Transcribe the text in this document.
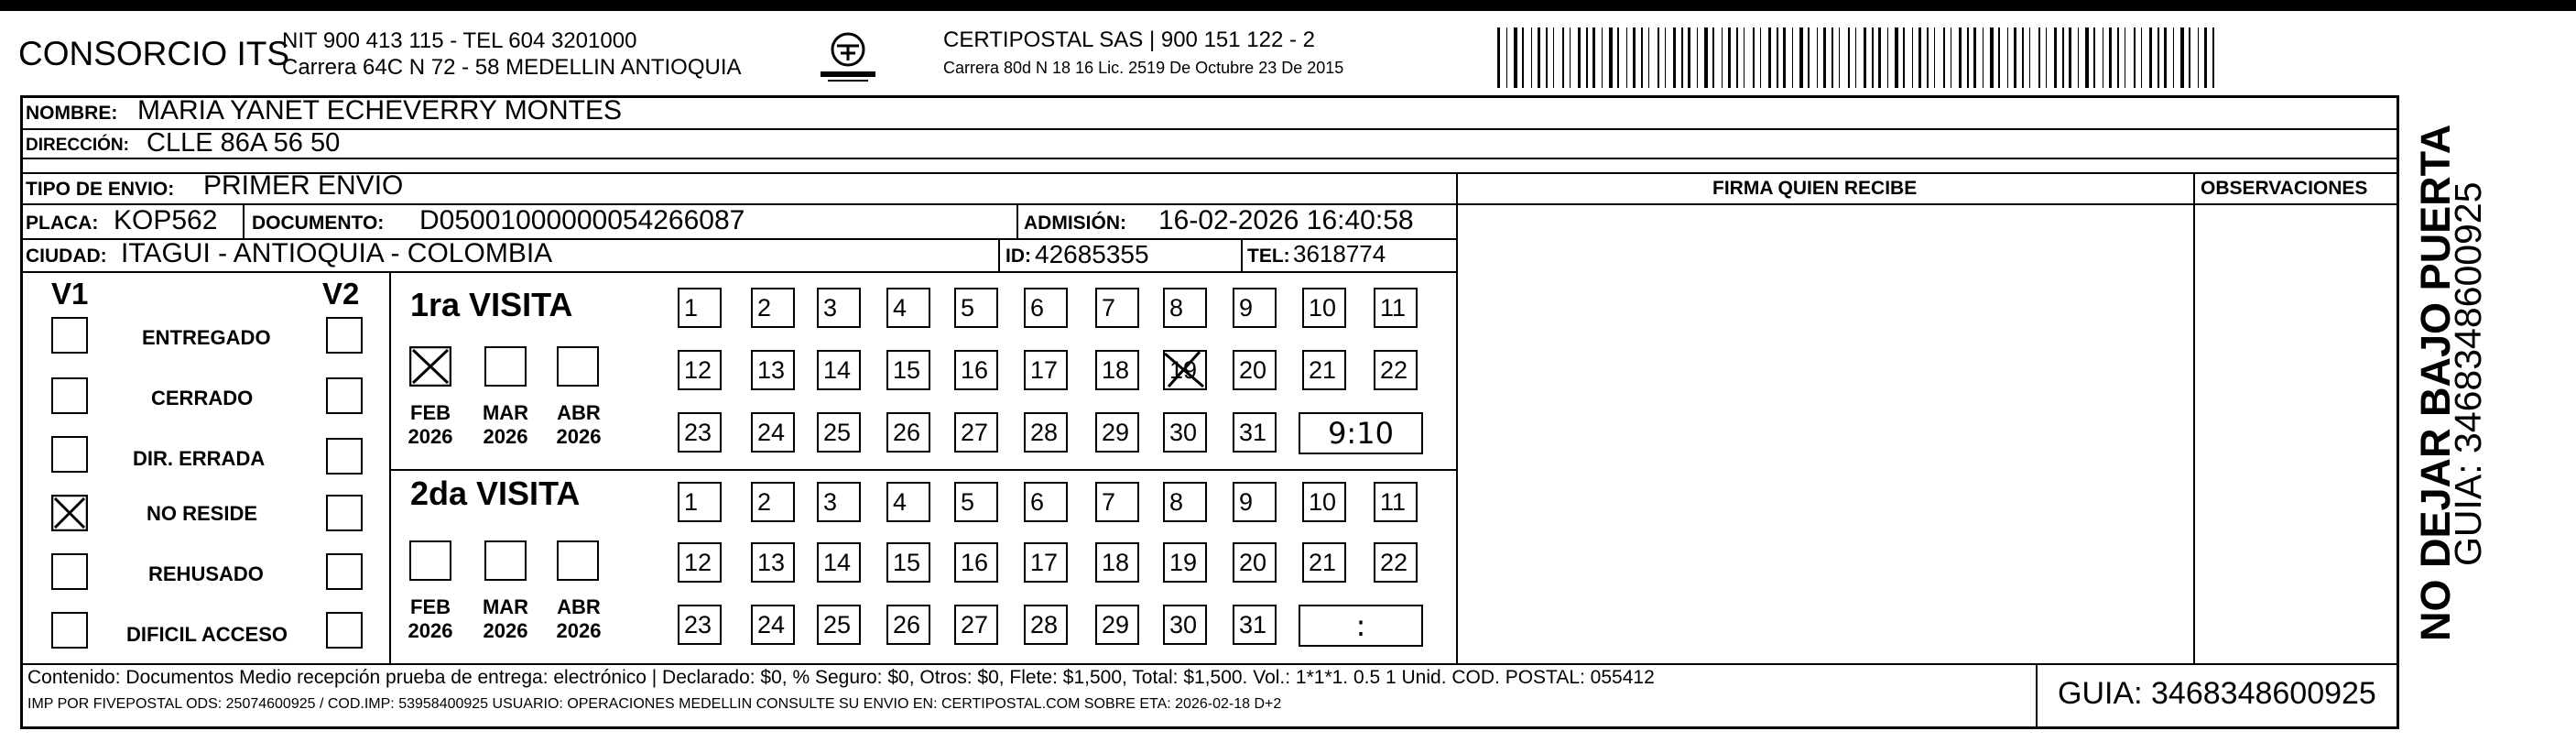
CONSORCIO ITS
NIT 900 413 115 - TEL 604 3201000
Carrera 64C N 72 - 58 MEDELLIN ANTIOQUIA
CERTIPOSTAL SAS | 900 151 122 - 2
Carrera 80d N 18 16 Lic. 2519 De Octubre 23 De 2015
NOMBRE: MARIA YANET ECHEVERRY MONTES
DIRECCIÓN: CLLE 86A 56 50
TIPO DE ENVIO: PRIMER ENVIO
PLACA: KOP562 DOCUMENTO: D05001000000054266087	ADMISIÓN: 16-02-2026 16:40:58
CIUDAD: ITAGUI - ANTIOQUIA - COLOMBIA	ID: 42685355	TEL: 3618774
FIRMA QUIEN RECIBE	OBSERVACIONES
V1	V2
ENTREGADO
CERRADO
DIR. ERRADA
NO RESIDE
REHUSADO
DIFICIL ACCESO
1ra VISITA
FEB
2026
MAR
2026
ABR
2026
1	2	3	4	5	6	7	8	9	10	11
12	13	14	15	16	17	18	19	20	21	22
23	24	25	26	27	28	29	30	31	9:10
2da VISITA
FEB
2026
MAR
2026
ABR
2026
1	2	3	4	5	6	7	8	9	10	11
12	13	14	15	16	17	18	19	20	21	22
23	24	25	26	27	28	29	30	31	:
Contenido: Documentos Medio recepción prueba de entrega: electrónico | Declarado: $0, % Seguro: $0, Otros: $0, Flete: $1,500, Total: $1,500. Vol.: 1*1*1. 0.5 1 Unid. COD. POSTAL: 055412
IMP POR FIVEPOSTAL ODS: 25074600925 / COD.IMP: 53958400925 USUARIO: OPERACIONES MEDELLIN CONSULTE SU ENVIO EN: CERTIPOSTAL.COM SOBRE ETA: 2026-02-18 D+2	GUIA: 3468348600925
NO DEJAR BAJO PUERTA
GUIA: 3468348600925
